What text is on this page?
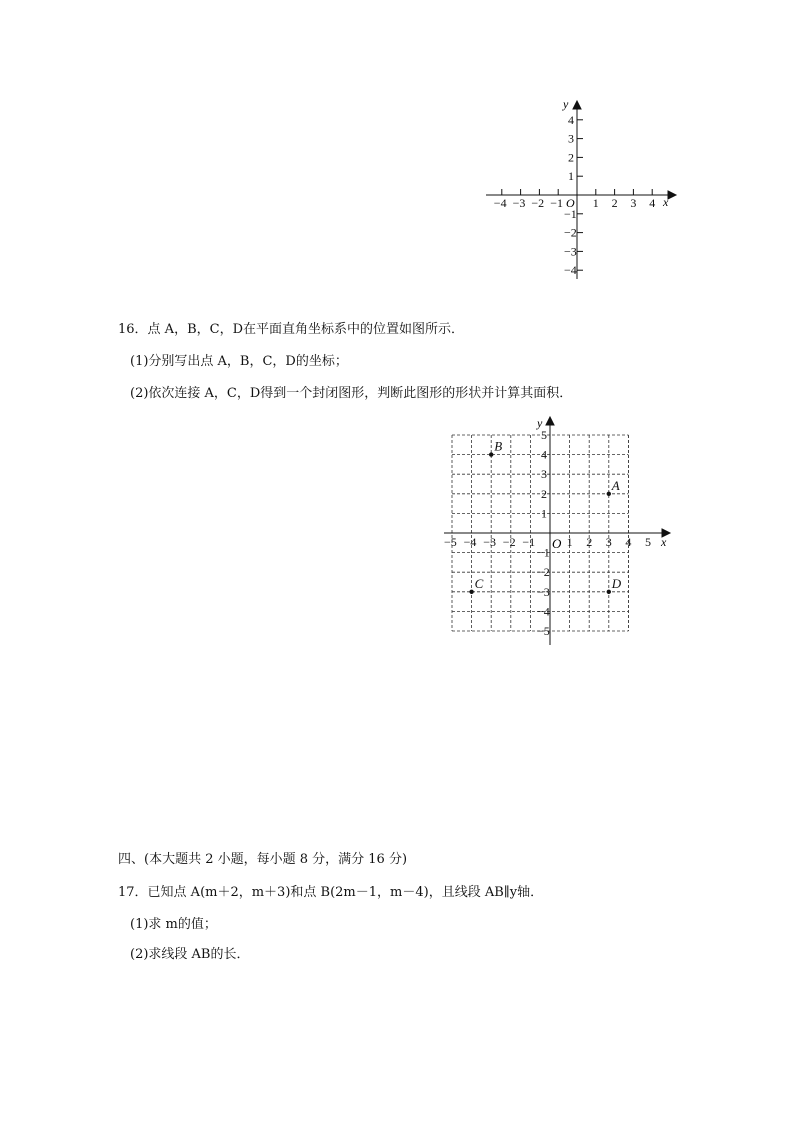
−4 −3 −2 −1 1 2 3 4
4
3
2
1
−1
−2
−3
−4
y
x
O
16．点 A，B，C，D在平面直角坐标系中的位置如图所示．
(1)分别写出点 A，B，C，D的坐标；
(2)依次连接 A，C，D得到一个封闭图形，判断此图形的形状并计算其面积．
−5 −4 −3 −2 −1	1 2 3 4 5
5
4
3
2
1
−1
−2
−3
−4
−5
A
B
C	D
y
x
O
四、(本大题共 2 小题，每小题 8 分，满分 16 分)
17．已知点 A(m＋2，m＋3)和点 B(2m－1，m－4)，且线段 AB∥y轴．
(1)求 m的值；
(2)求线段 AB的长．
